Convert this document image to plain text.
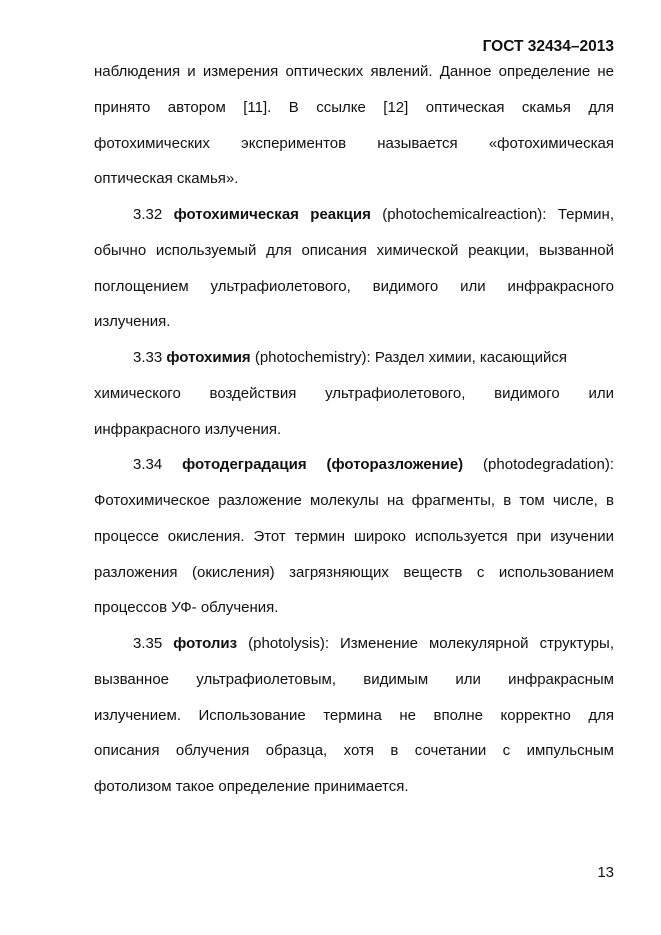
ГОСТ 32434–2013
наблюдения и измерения оптических явлений. Данное определение не
принято автором [11]. В ссылке [12] оптическая скамья для
фотохимических экспериментов называется «фотохимическая
оптическая скамья».
3.32 фотохимическая реакция (photochemicalreaction): Термин,
обычно используемый для описания химической реакции, вызванной
поглощением ультрафиолетового, видимого или инфракрасного
излучения.
3.33 фотохимия (photochemistry): Раздел химии, касающийся
химического воздействия ультрафиолетового, видимого или
инфракрасного излучения.
3.34 фотодеградация (фоторазложение) (photodegradation):
Фотохимическое разложение молекулы на фрагменты, в том числе, в
процессе окисления. Этот термин широко используется при изучении
разложения (окисления) загрязняющих веществ с использованием
процессов УФ- облучения.
3.35 фотолиз (photolysis): Изменение молекулярной структуры,
вызванное ультрафиолетовым, видимым или инфракрасным
излучением. Использование термина не вполне корректно для
описания облучения образца, хотя в сочетании с импульсным
фотолизом такое определение принимается.
13
